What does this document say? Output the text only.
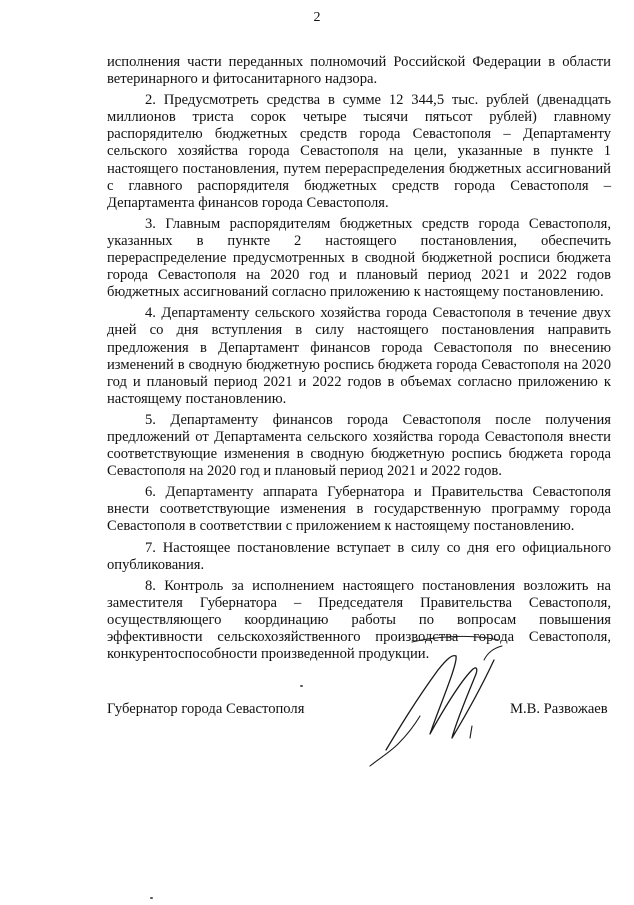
2

исполнения части переданных полномочий Российской Федерации в области ветеринарного и фитосанитарного надзора.

2. Предусмотреть средства в сумме 12 344,5 тыс. рублей (двенадцать миллионов триста сорок четыре тысячи пятьсот рублей) главному распорядителю бюджетных средств города Севастополя – Департаменту сельского хозяйства города Севастополя на цели, указанные в пункте 1 настоящего постановления, путем перераспределения бюджетных ассигнований с главного распорядителя бюджетных средств города Севастополя – Департамента финансов города Севастополя.

3. Главным распорядителям бюджетных средств города Севастополя, указанных в пункте 2 настоящего постановления, обеспечить перераспределение предусмотренных в сводной бюджетной росписи бюджета города Севастополя на 2020 год и плановый период 2021 и 2022 годов бюджетных ассигнований согласно приложению к настоящему постановлению.

4. Департаменту сельского хозяйства города Севастополя в течение двух дней со дня вступления в силу настоящего постановления направить предложения в Департамент финансов города Севастополя по внесению изменений в сводную бюджетную роспись бюджета города Севастополя на 2020 год и плановый период 2021 и 2022 годов в объемах согласно приложению к настоящему постановлению.

5. Департаменту финансов города Севастополя после получения предложений от Департамента сельского хозяйства города Севастополя внести соответствующие изменения в сводную бюджетную роспись бюджета города Севастополя на 2020 год и плановый период 2021 и 2022 годов.

6. Департаменту аппарата Губернатора и Правительства Севастополя внести соответствующие изменения в государственную программу города Севастополя в соответствии с приложением к настоящему постановлению.

7. Настоящее постановление вступает в силу со дня его официального опубликования.

8. Контроль за исполнением настоящего постановления возложить на заместителя Губернатора – Председателя Правительства Севастополя, осуществляющего координацию работы по вопросам повышения эффективности сельскохозяйственного производства города Севастополя, конкурентоспособности произведенной продукции.

Губернатор города Севастополя	М.В. Развожаев
